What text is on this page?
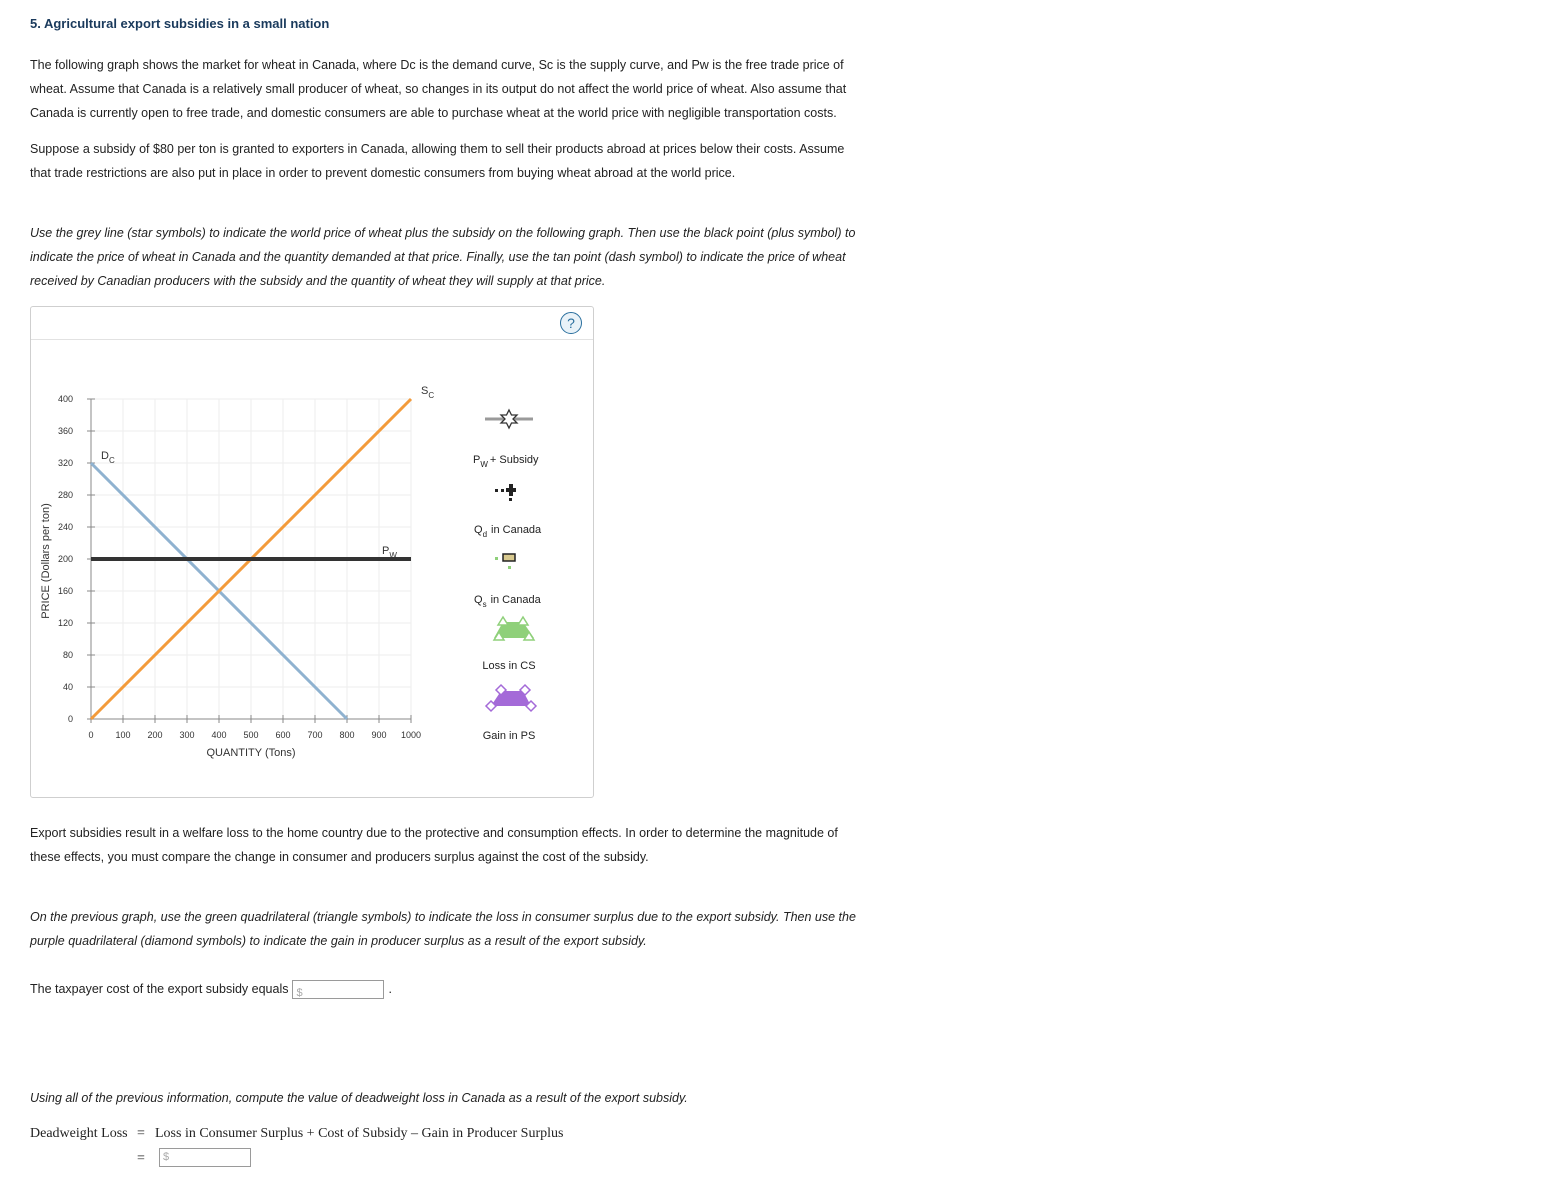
5. Agricultural export subsidies in a small nation
The following graph shows the market for wheat in Canada, where Dc is the demand curve, Sc is the supply curve, and Pw is the free trade price of
wheat. Assume that Canada is a relatively small producer of wheat, so changes in its output do not affect the world price of wheat. Also assume that
Canada is currently open to free trade, and domestic consumers are able to purchase wheat at the world price with negligible transportation costs.
Suppose a subsidy of $80 per ton is granted to exporters in Canada, allowing them to sell their products abroad at prices below their costs. Assume
that trade restrictions are also put in place in order to prevent domestic consumers from buying wheat abroad at the world price.
Use the grey line (star symbols) to indicate the world price of wheat plus the subsidy on the following graph. Then use the black point (plus symbol) to
indicate the price of wheat in Canada and the quantity demanded at that price. Finally, use the tan point (dash symbol) to indicate the price of wheat
received by Canadian producers with the subsidy and the quantity of wheat they will supply at that price.
?
0 100 200 300 400 500 600 700 800 900 1000
0
40
80
120
160
200
240
280
320
360
400
$D_C$
$S_C$
$P_W$
QUANTITY (Tons)
PRICE (Dollars per ton)
$P_W$ + Subsidy
$Q_d$ in Canada
$Q_s$ in Canada
Loss in CS
Gain in PS
Export subsidies result in a welfare loss to the home country due to the protective and consumption effects. In order to determine the magnitude of
these effects, you must compare the change in consumer and producers surplus against the cost of the subsidy.
On the previous graph, use the green quadrilateral (triangle symbols) to indicate the loss in consumer surplus due to the export subsidy. Then use the
purple quadrilateral (diamond symbols) to indicate the gain in producer surplus as a result of the export subsidy.
The taxpayer cost of the export subsidy equals $	.
Using all of the previous information, compute the value of deadweight loss in Canada as a result of the export subsidy.
Deadweight Loss = Loss in Consumer Surplus + Cost of Subsidy – Gain in Producer Surplus
=	$
